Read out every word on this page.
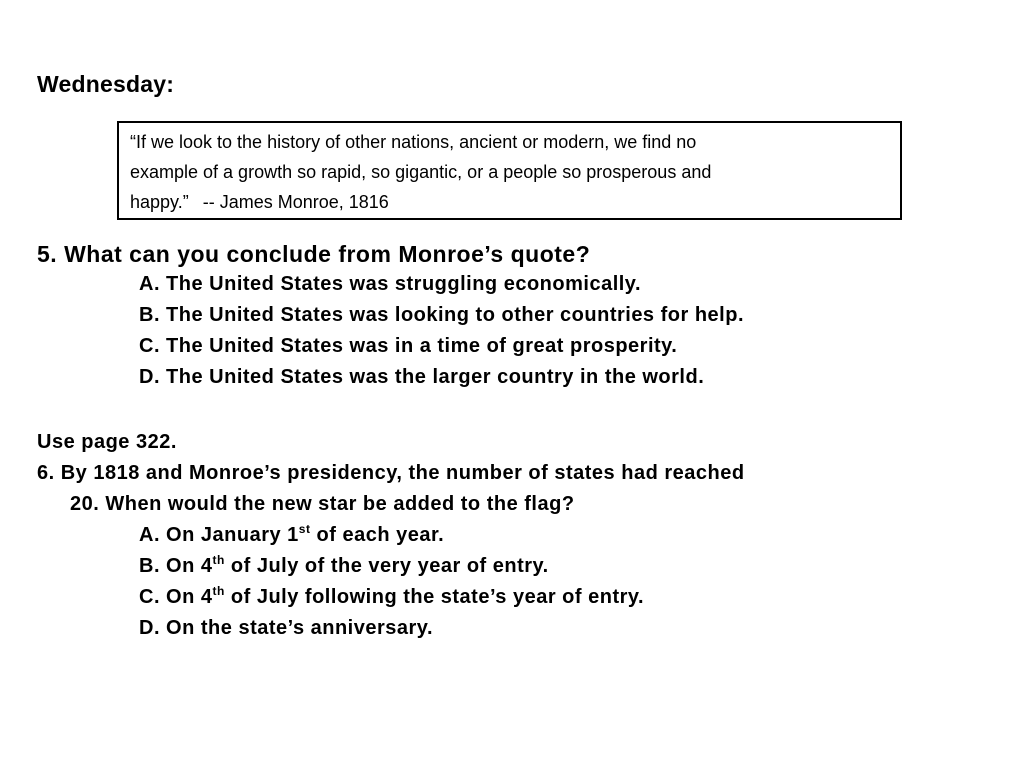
Wednesday:
“If we look to the history of other nations, ancient or modern, we find no
example of a growth so rapid, so gigantic, or a people so prosperous and
happy.” -- James Monroe, 1816
5. What can you conclude from Monroe’s quote?
A. The United States was struggling economically.
B. The United States was looking to other countries for help.
C. The United States was in a time of great prosperity.
D. The United States was the larger country in the world.
Use page 322.
6. By 1818 and Monroe’s presidency, the number of states had reached
20. When would the new star be added to the flag?
A. On January 1st of each year.
B. On 4th of July of the very year of entry.
C. On 4th of July following the state’s year of entry.
D. On the state’s anniversary.
